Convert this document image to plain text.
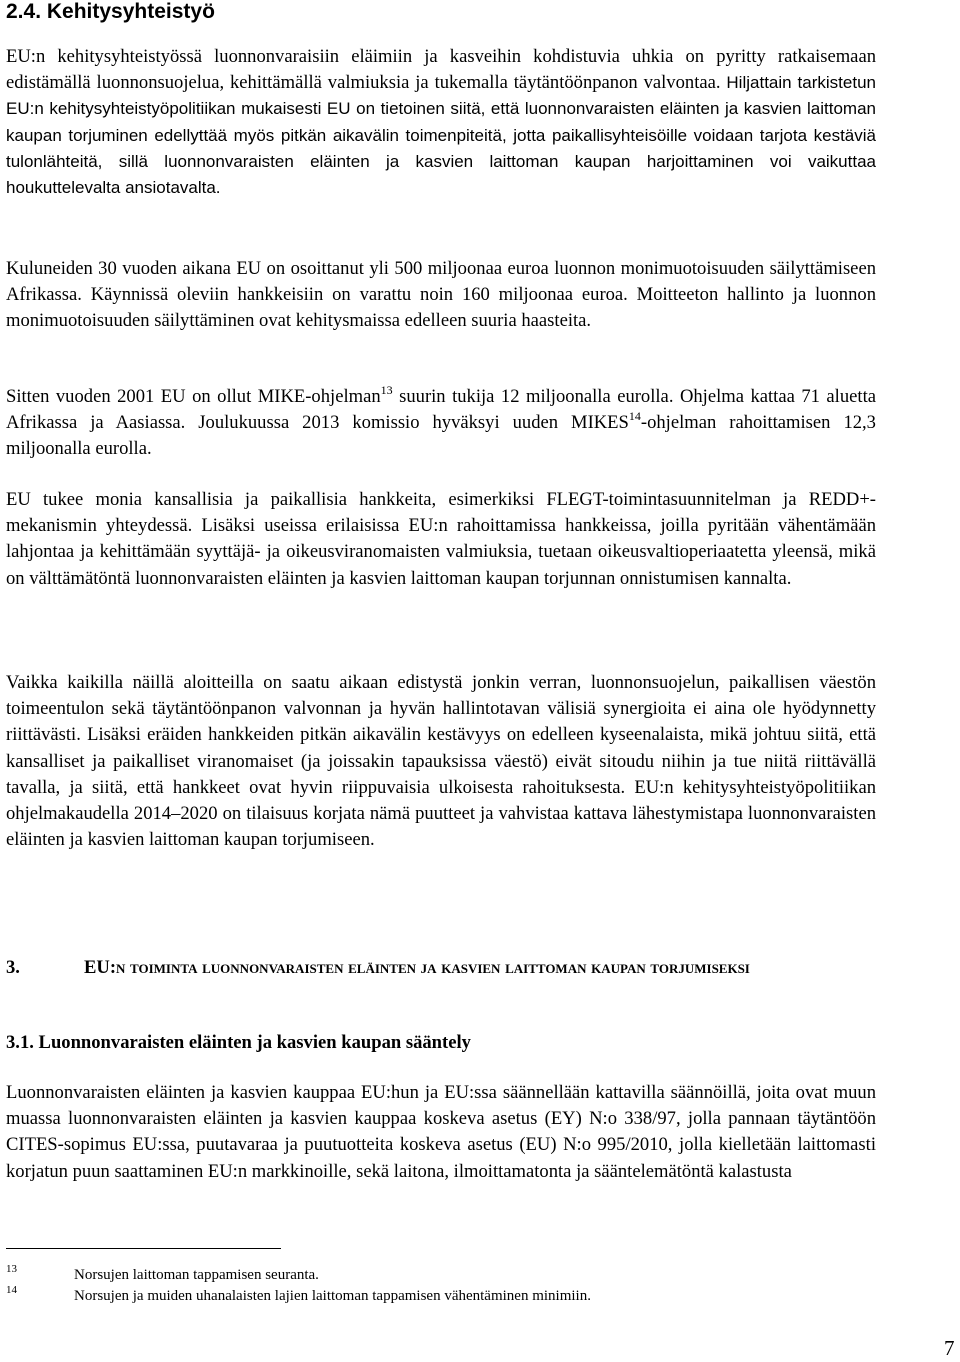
2.4. Kehitysyhteistyö

EU:n kehitysyhteistyössä luonnonvaraisiin eläimiin ja kasveihin kohdistuvia uhkia on pyritty ratkaisemaan edistämällä luonnonsuojelua, kehittämällä valmiuksia ja tukemalla täytäntöönpanon valvontaa. Hiljattain tarkistetun EU:n kehitysyhteistyöpolitiikan mukaisesti EU on tietoinen siitä, että luonnonvaraisten eläinten ja kasvien laittoman kaupan torjuminen edellyttää myös pitkän aikavälin toimenpiteitä, jotta paikallisyhteisöille voidaan tarjota kestäviä tulonlähteitä, sillä luonnonvaraisten eläinten ja kasvien laittoman kaupan harjoittaminen voi vaikuttaa houkuttelevalta ansiotavalta.

Kuluneiden 30 vuoden aikana EU on osoittanut yli 500 miljoonaa euroa luonnon monimuotoisuuden säilyttämiseen Afrikassa. Käynnissä oleviin hankkeisiin on varattu noin 160 miljoonaa euroa. Moitteeton hallinto ja luonnon monimuotoisuuden säilyttäminen ovat kehitysmaissa edelleen suuria haasteita.

Sitten vuoden 2001 EU on ollut MIKE-ohjelman$^{13}$ suurin tukija 12 miljoonalla eurolla. Ohjelma kattaa 71 aluetta Afrikassa ja Aasiassa. Joulukuussa 2013 komissio hyväksyi uuden MIKES$^{14}$-ohjelman rahoittamisen 12,3 miljoonalla eurolla.

EU tukee monia kansallisia ja paikallisia hankkeita, esimerkiksi FLEGT-toimintasuunnitelman ja REDD+-mekanismin yhteydessä. Lisäksi useissa erilaisissa EU:n rahoittamissa hankkeissa, joilla pyritään vähentämään lahjontaa ja kehittämään syyttäjä- ja oikeusviranomaisten valmiuksia, tuetaan oikeusvaltioperiaatetta yleensä, mikä on välttämätöntä luonnonvaraisten eläinten ja kasvien laittoman kaupan torjunnan onnistumisen kannalta.

Vaikka kaikilla näillä aloitteilla on saatu aikaan edistystä jonkin verran, luonnonsuojelun, paikallisen väestön toimeentulon sekä täytäntöönpanon valvonnan ja hyvän hallintotavan välisiä synergioita ei aina ole hyödynnetty riittävästi. Lisäksi eräiden hankkeiden pitkän aikavälin kestävyys on edelleen kyseenalaista, mikä johtuu siitä, että kansalliset ja paikalliset viranomaiset (ja joissakin tapauksissa väestö) eivät sitoudu niihin ja tue niitä riittävällä tavalla, ja siitä, että hankkeet ovat hyvin riippuvaisia ulkoisesta rahoituksesta. EU:n kehitysyhteistyöpolitiikan ohjelmakaudella 2014–2020 on tilaisuus korjata nämä puutteet ja vahvistaa kattava lähestymistapa luonnonvaraisten eläinten ja kasvien laittoman kaupan torjumiseen.

3.	EU:n toiminta luonnonvaraisten eläinten ja kasvien laittoman kaupan torjumiseksi
3.1. Luonnonvaraisten eläinten ja kasvien kaupan sääntely

Luonnonvaraisten eläinten ja kasvien kauppaa EU:hun ja EU:ssa säännellään kattavilla säännöillä, joita ovat muun muassa luonnonvaraisten eläinten ja kasvien kauppaa koskeva asetus (EY) N:o 338/97, jolla pannaan täytäntöön CITES-sopimus EU:ssa, puutavaraa ja puutuotteita koskeva asetus (EU) N:o 995/2010, jolla kielletään laittomasti korjatun puun saattaminen EU:n markkinoille, sekä laitona, ilmoittamatonta ja sääntelemätöntä kalastusta

13	Norsujen laittoman tappamisen seuranta.
14	Norsujen ja muiden uhanalaisten lajien laittoman tappamisen vähentäminen minimiin.
7
